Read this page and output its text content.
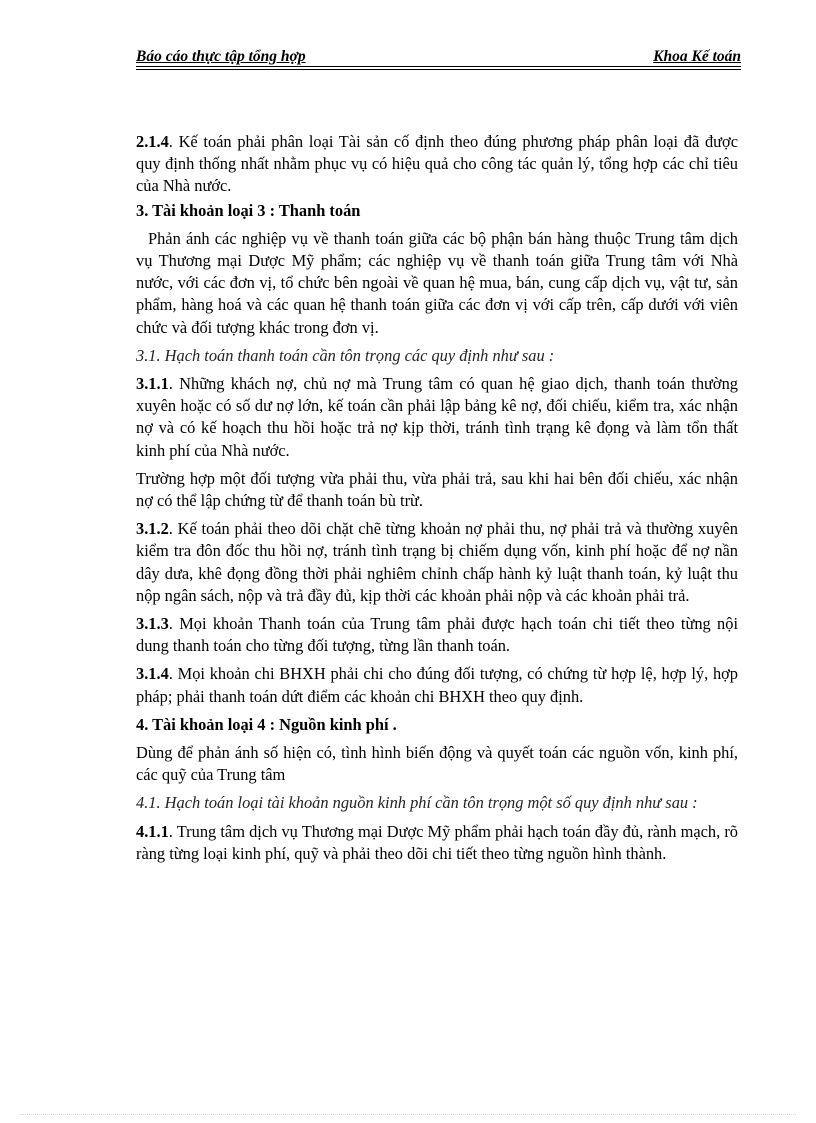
Báo cáo thực tập tổng hợp	Khoa Kế toán

2.1.4. Kế toán phải phân loại Tài sản cố định theo đúng phương pháp phân loại đã được quy định thống nhất nhằm phục vụ có hiệu quả cho công tác quản lý, tổng hợp các chỉ tiêu của Nhà nước.

3. Tài khoản loại 3 : Thanh toán

Phản ánh các nghiệp vụ về thanh toán giữa các bộ phận bán hàng thuộc Trung tâm dịch vụ Thương mại Dược Mỹ phẩm; các nghiệp vụ về thanh toán giữa Trung tâm với Nhà nước, với các đơn vị, tổ chức bên ngoài về quan hệ mua, bán, cung cấp dịch vụ, vật tư, sản phẩm, hàng hoá và các quan hệ thanh toán giữa các đơn vị với cấp trên, cấp dưới với viên chức và đối tượng khác trong đơn vị.

3.1. Hạch toán thanh toán cần tôn trọng các quy định như sau :

3.1.1. Những khách nợ, chủ nợ mà Trung tâm có quan hệ giao dịch, thanh toán thường xuyên hoặc có số dư nợ lớn, kế toán cần phải lập bảng kê nợ, đối chiếu, kiểm tra, xác nhận nợ và có kế hoạch thu hồi hoặc trả nợ kịp thời, tránh tình trạng kê đọng và làm tổn thất kinh phí của Nhà nước.

Trường hợp một đối tượng vừa phải thu, vừa phải trả, sau khi hai bên đối chiếu, xác nhận nợ có thể lập chứng từ để thanh toán bù trừ.

3.1.2. Kế toán phải theo dõi chặt chẽ từng khoản nợ phải thu, nợ phải trả và thường xuyên kiểm tra đôn đốc thu hồi nợ, tránh tình trạng bị chiếm dụng vốn, kinh phí hoặc để nợ nần dây dưa, khê đọng đồng thời phải nghiêm chỉnh chấp hành kỷ luật thanh toán, kỷ luật thu nộp ngân sách, nộp và trả đầy đủ, kịp thời các khoản phải nộp và các khoản phải trả.

3.1.3. Mọi khoản Thanh toán của Trung tâm phải được hạch toán chi tiết theo từng nội dung thanh toán cho từng đối tượng, từng lần thanh toán.

3.1.4. Mọi khoản chi BHXH phải chi cho đúng đối tượng, có chứng từ hợp lệ, hợp lý, hợp pháp; phải thanh toán dứt điểm các khoản chi BHXH theo quy định.

4. Tài khoản loại 4 : Nguồn kinh phí .

Dùng để phản ánh số hiện có, tình hình biến động và quyết toán các nguồn vốn, kinh phí, các quỹ của Trung tâm

4.1. Hạch toán loại tài khoản nguồn kinh phí cần tôn trọng một số quy định như sau :

4.1.1. Trung tâm dịch vụ Thương mại Dược Mỹ phẩm phải hạch toán đầy đủ, rành mạch, rõ ràng từng loại kinh phí, quỹ và phải theo dõi chi tiết theo từng nguồn hình thành.
